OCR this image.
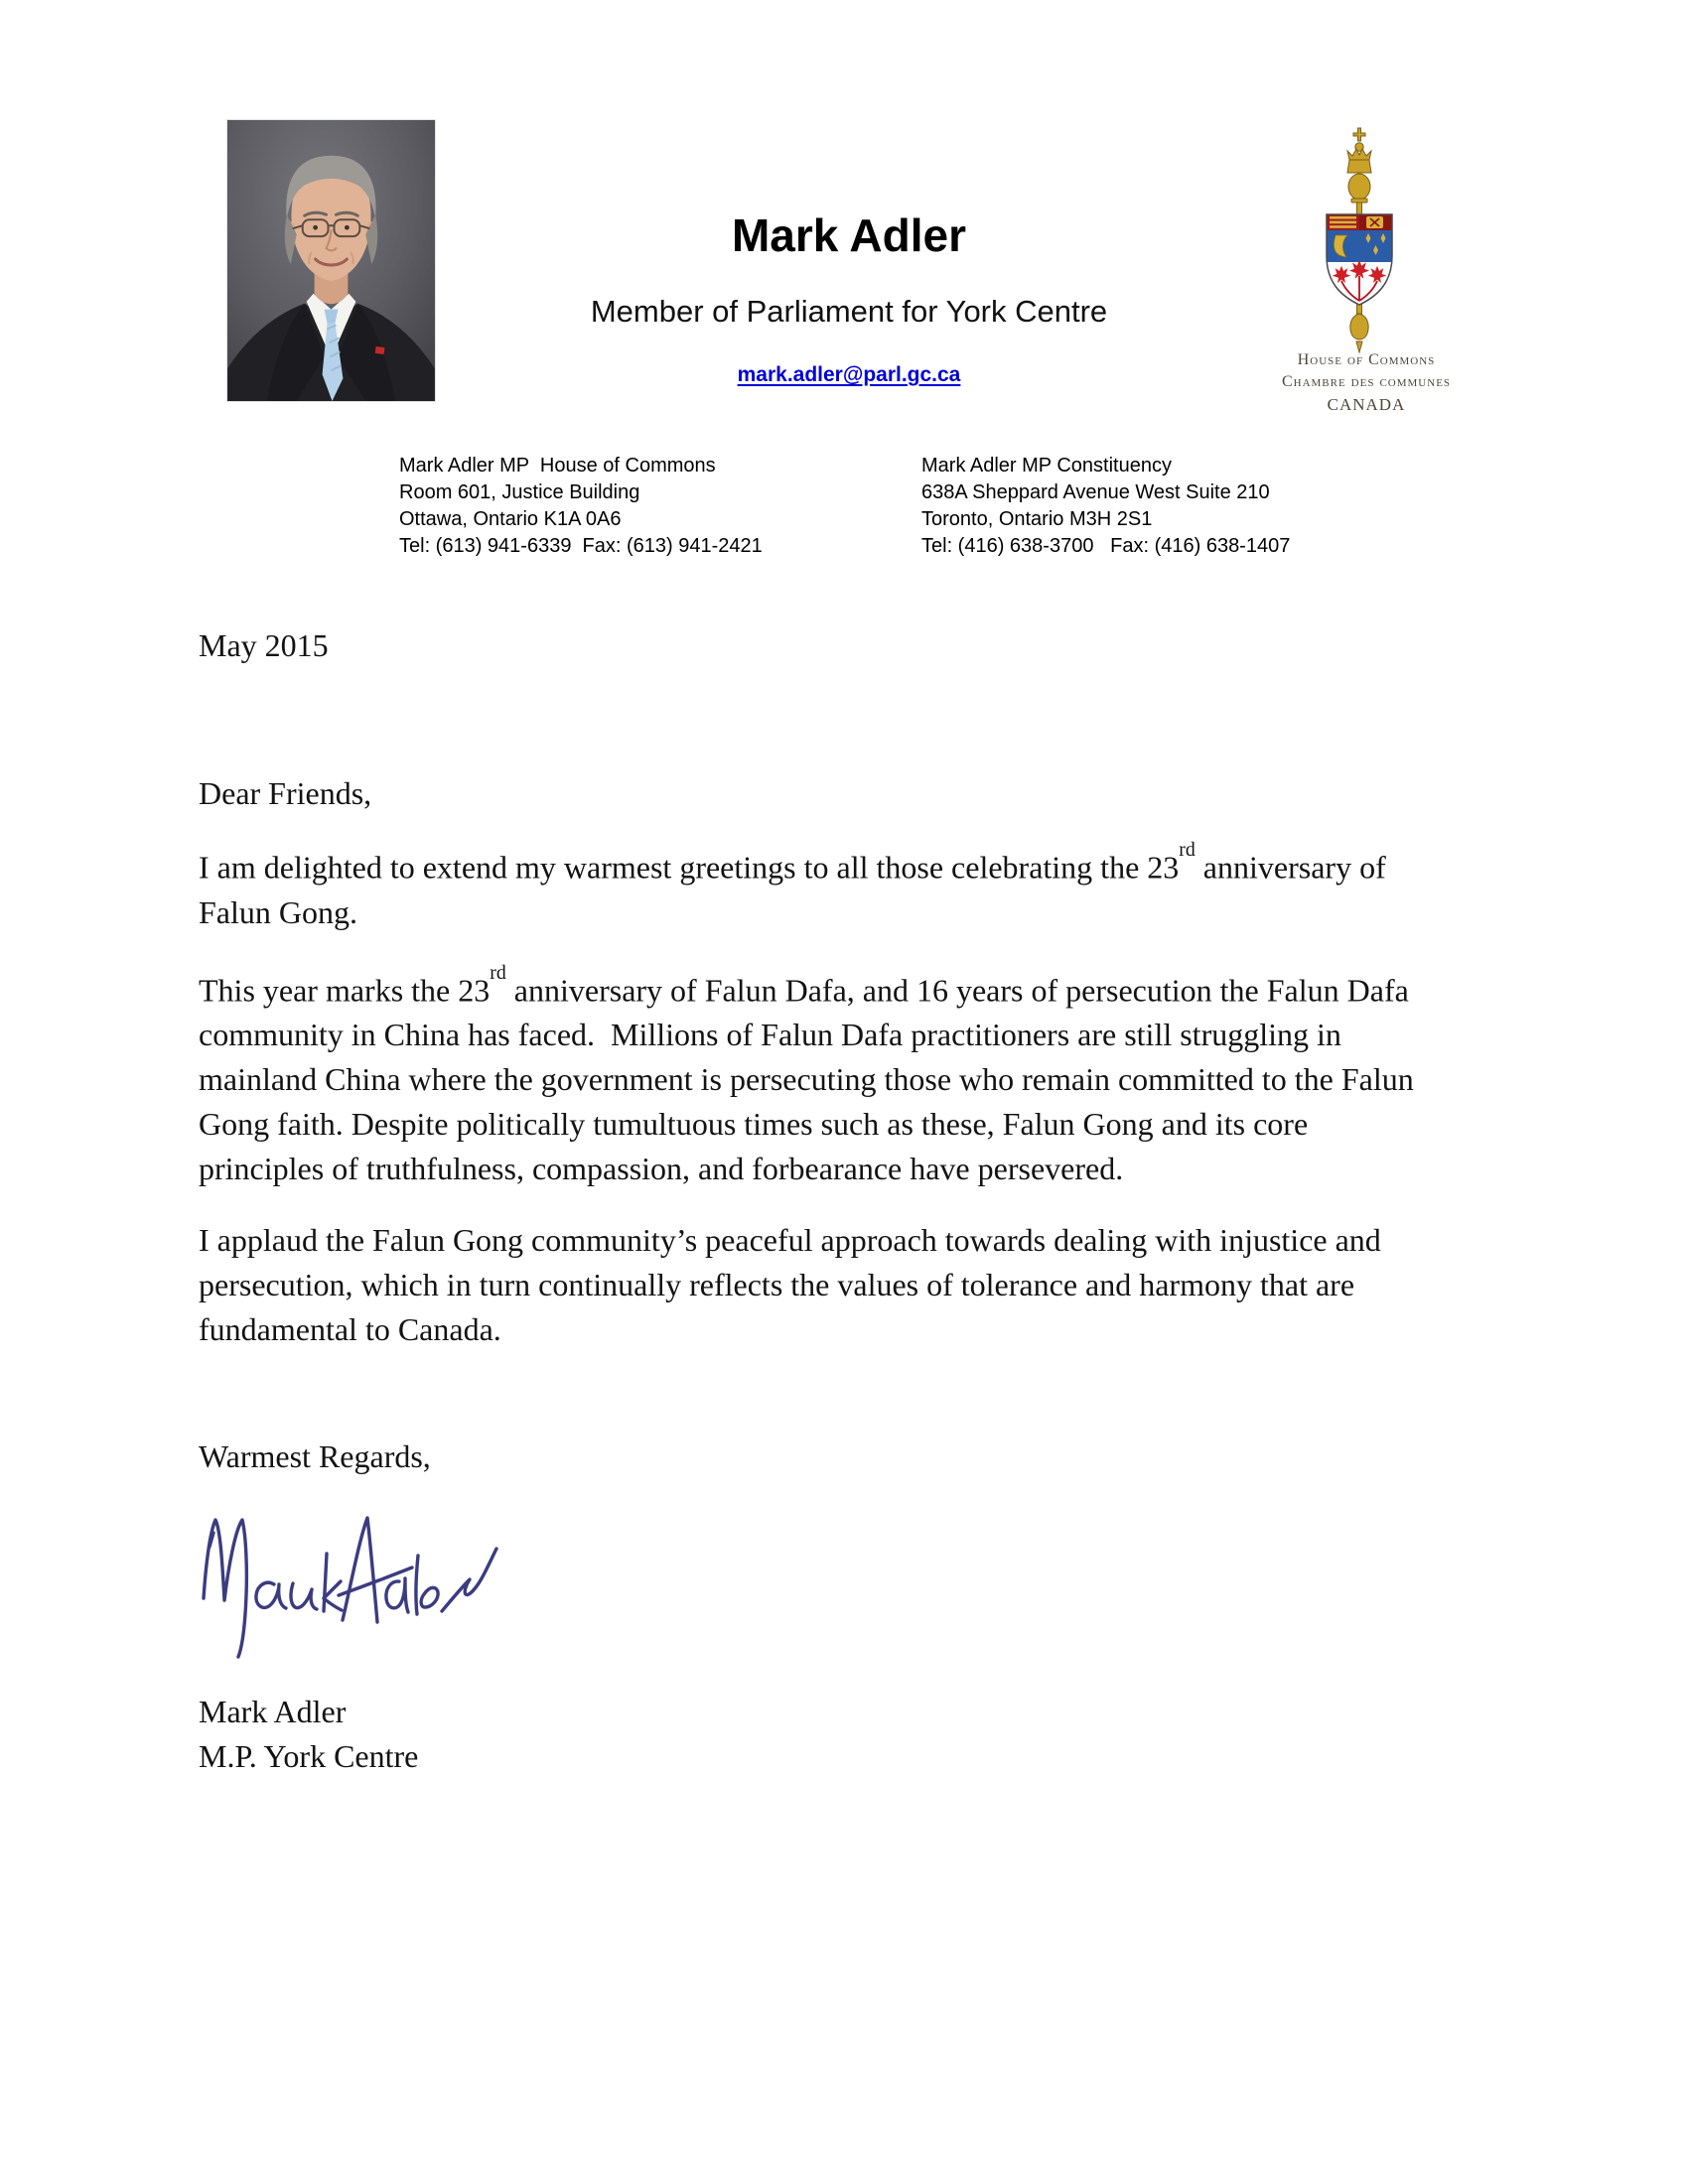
Mark Adler
Member of Parliament for York Centre
mark.adler@parl.gc.ca
House of Commons
Chambre des communes
CANADA
Mark Adler MP  House of Commons
Room 601, Justice Building
Ottawa, Ontario K1A 0A6
Tel: (613) 941-6339  Fax: (613) 941-2421
Mark Adler MP Constituency
638A Sheppard Avenue West Suite 210
Toronto, Ontario M3H 2S1
Tel: (416) 638-3700   Fax: (416) 638-1407
May 2015
Dear Friends,

I am delighted to extend my warmest greetings to all those celebrating the 23rd anniversary of
Falun Gong.

This year marks the 23rd anniversary of Falun Dafa, and 16 years of persecution the Falun Dafa
community in China has faced.  Millions of Falun Dafa practitioners are still struggling in
mainland China where the government is persecuting those who remain committed to the Falun
Gong faith. Despite politically tumultuous times such as these, Falun Gong and its core
principles of truthfulness, compassion, and forbearance have persevered.

I applaud the Falun Gong community’s peaceful approach towards dealing with injustice and
persecution, which in turn continually reflects the values of tolerance and harmony that are
fundamental to Canada.

Warmest Regards,
Mark Adler
M.P. York Centre
